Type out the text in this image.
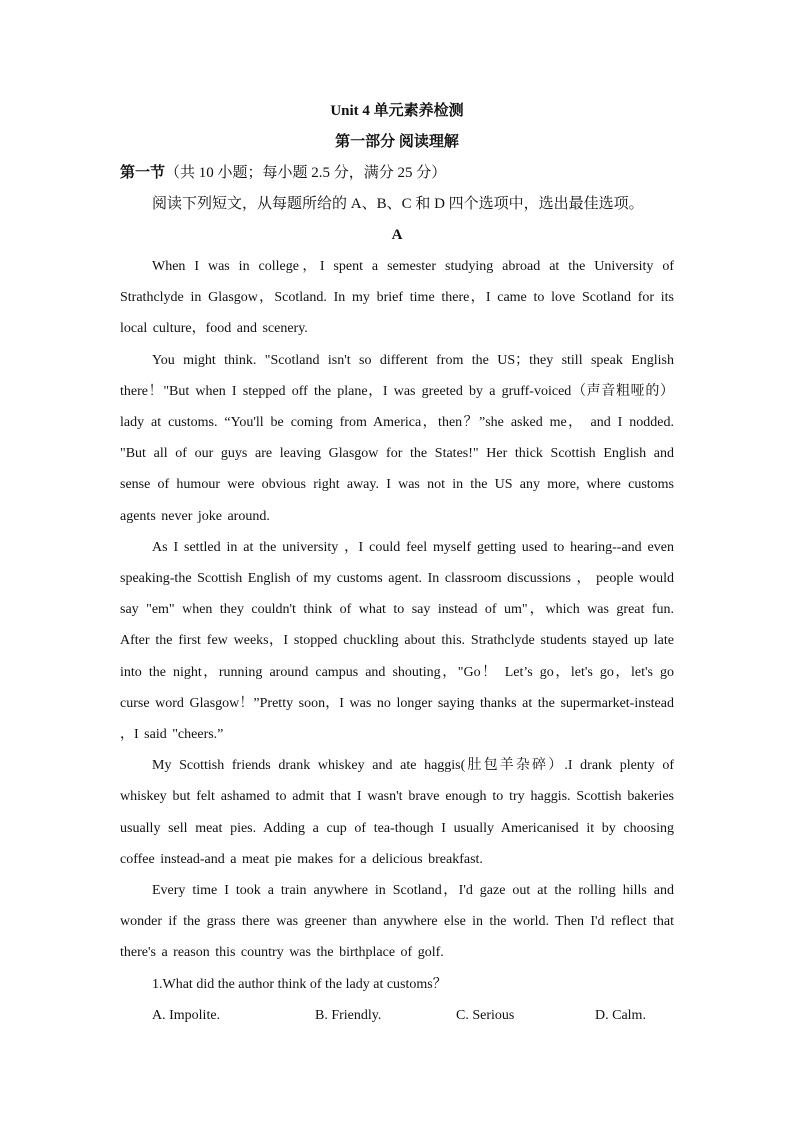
Unit 4 单元素养检测
第一部分 阅读理解
第一节（共 10 小题；每小题 2.5 分，满分 25 分）
阅读下列短文，从每题所给的 A、B、C 和 D 四个选项中，选出最佳选项。
A

When I was in college，I spent a semester studying abroad at the University of Strathclyde in Glasgow，Scotland. In my brief time there，I came to love Scotland for its local culture，food and scenery.

You might think. "Scotland isn't so different from the US；they still speak English there！"But when I stepped off the plane，I was greeted by a gruff-voiced（声音粗哑的）lady at customs. “You'll be coming from America，then？”she asked me， and I nodded. "But all of our guys are leaving Glasgow for the States!" Her thick Scottish English and sense of humour were obvious right away. I was not in the US any more, where customs agents never joke around.

As I settled in at the university ，I could feel myself getting used to hearing--and even speaking-the Scottish English of my customs agent. In classroom discussions ， people would say "em" when they couldn't think of what to say instead of um"，which was great fun. After the first few weeks，I stopped chuckling about this. Strathclyde students stayed up late into the night，running around campus and shouting，"Go！ Let’s go，let's go，let's go curse word Glasgow！”Pretty soon，I was no longer saying thanks at the supermarket-instead ，I said "cheers.”

My Scottish friends drank whiskey and ate haggis(肚包羊杂碎）.I drank plenty of whiskey but felt ashamed to admit that I wasn't brave enough to try haggis. Scottish bakeries usually sell meat pies. Adding a cup of tea-though I usually Americanised it by choosing coffee instead-and a meat pie makes for a delicious breakfast.

Every time I took a train anywhere in Scotland，I'd gaze out at the rolling hills and wonder if the grass there was greener than anywhere else in the world. Then I'd reflect that there's a reason this country was the birthplace of golf.

1.What did the author think of the lady at customs？

A. Impolite.	B. Friendly.	C. Serious	D. Calm.
